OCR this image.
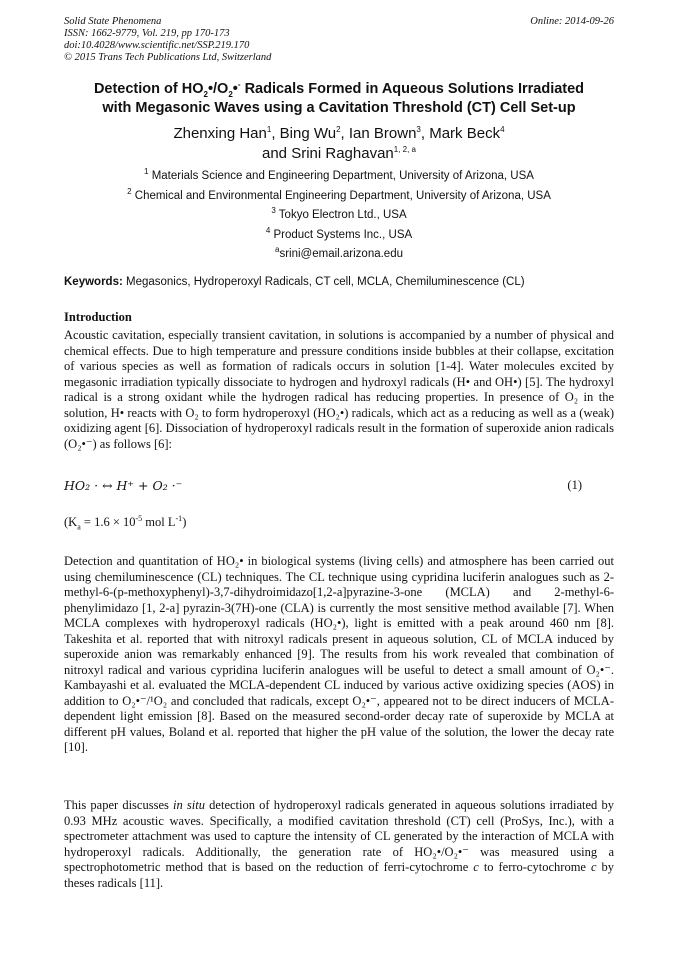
Solid State Phenomena
ISSN: 1662-9779, Vol. 219, pp 170-173
doi:10.4028/www.scientific.net/SSP.219.170
© 2015 Trans Tech Publications Ltd, Switzerland
Online: 2014-09-26
Detection of $HO_2•/O_2•^-$ Radicals Formed in Aqueous Solutions Irradiated
with Megasonic Waves using a Cavitation Threshold (CT) Cell Set-up
Zhenxing Han$^1$, Bing Wu$^2$, Ian Brown$^3$, Mark Beck$^4$
and Srini Raghavan$^{1, 2, a}$
$^1$ Materials Science and Engineering Department, University of Arizona, USA
$^2$ Chemical and Environmental Engineering Department, University of Arizona, USA
$^3$ Tokyo Electron Ltd., USA
$^4$ Product Systems Inc., USA
$^a$srini@email.arizona.edu
Keywords: Megasonics, Hydroperoxyl Radicals, CT cell, MCLA, Chemiluminescence (CL)
Introduction
Acoustic cavitation, especially transient cavitation, in solutions is accompanied by a number of physical and chemical effects. Due to high temperature and pressure conditions inside bubbles at their collapse, excitation of various species as well as formation of radicals occurs in solution [1-4]. Water molecules excited by megasonic irradiation typically dissociate to hydrogen and hydroxyl radicals (H• and OH•) [5]. The hydroxyl radical is a strong oxidant while the hydrogen radical has reducing properties. In presence of O₂ in the solution, H• reacts with O₂ to form hydroperoxyl (HO₂•) radicals, which act as a reducing as well as a (weak) oxidizing agent [6]. Dissociation of hydroperoxyl radicals result in the formation of superoxide anion radicals (O₂•⁻) as follows [6]:
HO₂ · ↔ H⁺ + O₂ ·⁻	(1)
($K_a = 1.6 \times 10^{-5}$ mol $L^{-1}$)
Detection and quantitation of HO₂• in biological systems (living cells) and atmosphere has been carried out using chemiluminescence (CL) techniques. The CL technique using cypridina luciferin analogues such as 2-methyl-6-(p-methoxyphenyl)-3,7-dihydroimidazo[1,2-a]pyrazine-3-one (MCLA) and 2-methyl-6-phenylimidazo [1, 2-a] pyrazin-3(7H)-one (CLA) is currently the most sensitive method available [7]. When MCLA complexes with hydroperoxyl radicals (HO₂•), light is emitted with a peak around 460 nm [8]. Takeshita et al. reported that with nitroxyl radicals present in aqueous solution, CL of MCLA induced by superoxide anion was remarkably enhanced [9]. The results from his work revealed that combination of nitroxyl radical and various cypridina luciferin analogues will be useful to detect a small amount of O₂•⁻. Kambayashi et al. evaluated the MCLA-dependent CL induced by various active oxidizing species (AOS) in addition to O₂•⁻/¹O₂ and concluded that radicals, except O₂•⁻, appeared not to be direct inducers of MCLA-dependent light emission [8]. Based on the measured second-order decay rate of superoxide by MCLA at different pH values, Boland et al. reported that higher the pH value of the solution, the lower the decay rate [10].
This paper discusses in situ detection of hydroperoxyl radicals generated in aqueous solutions irradiated by 0.93 MHz acoustic waves. Specifically, a modified cavitation threshold (CT) cell (ProSys, Inc.), with a spectrometer attachment was used to capture the intensity of CL generated by the interaction of MCLA with hydroperoxyl radicals. Additionally, the generation rate of HO₂•/O₂•⁻ was measured using a spectrophotometric method that is based on the reduction of ferri-cytochrome c to ferro-cytochrome c by theses radicals [11].
